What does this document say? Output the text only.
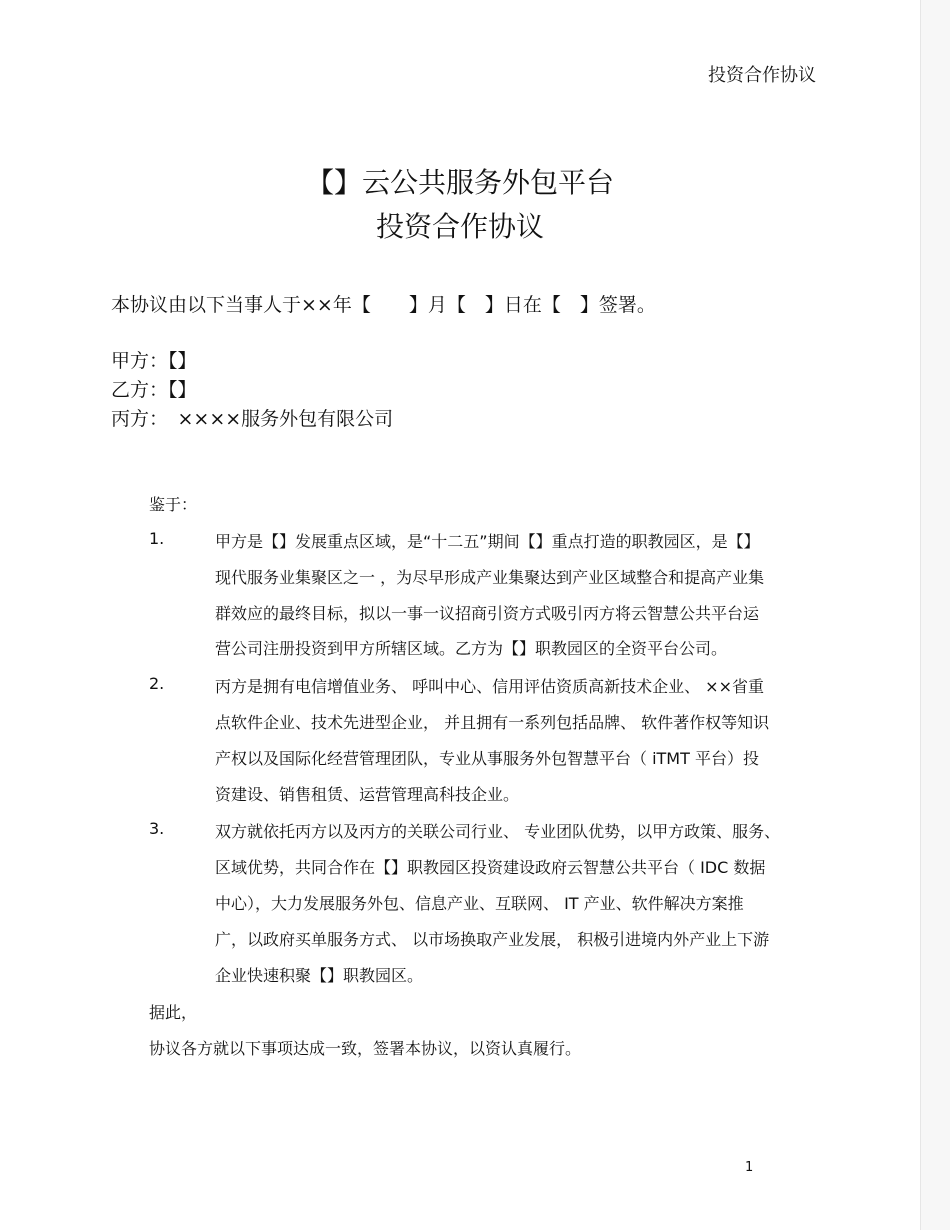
投资合作协议
【】云公共服务外包平台
投资合作协议
本协议由以下当事人于××年【　　】月【　】日在【　】签署。
甲方：【】
乙方：【】
丙方：　××××服务外包有限公司
鉴于：
1.	甲方是【】发展重点区域，是“十二五”期间【】重点打造的职教园区，是【】
现代服务业集聚区之一 ，为尽早形成产业集聚达到产业区域整合和提高产业集
群效应的最终目标，拟以一事一议招商引资方式吸引丙方将云智慧公共平台运
营公司注册投资到甲方所辖区域。乙方为【】职教园区的全资平台公司。
2.	丙方是拥有电信增值业务、 呼叫中心、信用评估资质高新技术企业、 ××省重
点软件企业、技术先进型企业， 并且拥有一系列包括品牌、 软件著作权等知识
产权以及国际化经营管理团队，专业从事服务外包智慧平台（ iTMT 平台）投
资建设、销售租赁、运营管理高科技企业。
3.	双方就依托丙方以及丙方的关联公司行业、 专业团队优势，以甲方政策、服务、
区域优势，共同合作在【】职教园区投资建设政府云智慧公共平台（ IDC 数据
中心），大力发展服务外包、信息产业、互联网、 IT 产业、软件解决方案推
广，以政府买单服务方式、 以市场换取产业发展， 积极引进境内外产业上下游
企业快速积聚【】职教园区。
据此，
协议各方就以下事项达成一致，签署本协议，以资认真履行。
1
